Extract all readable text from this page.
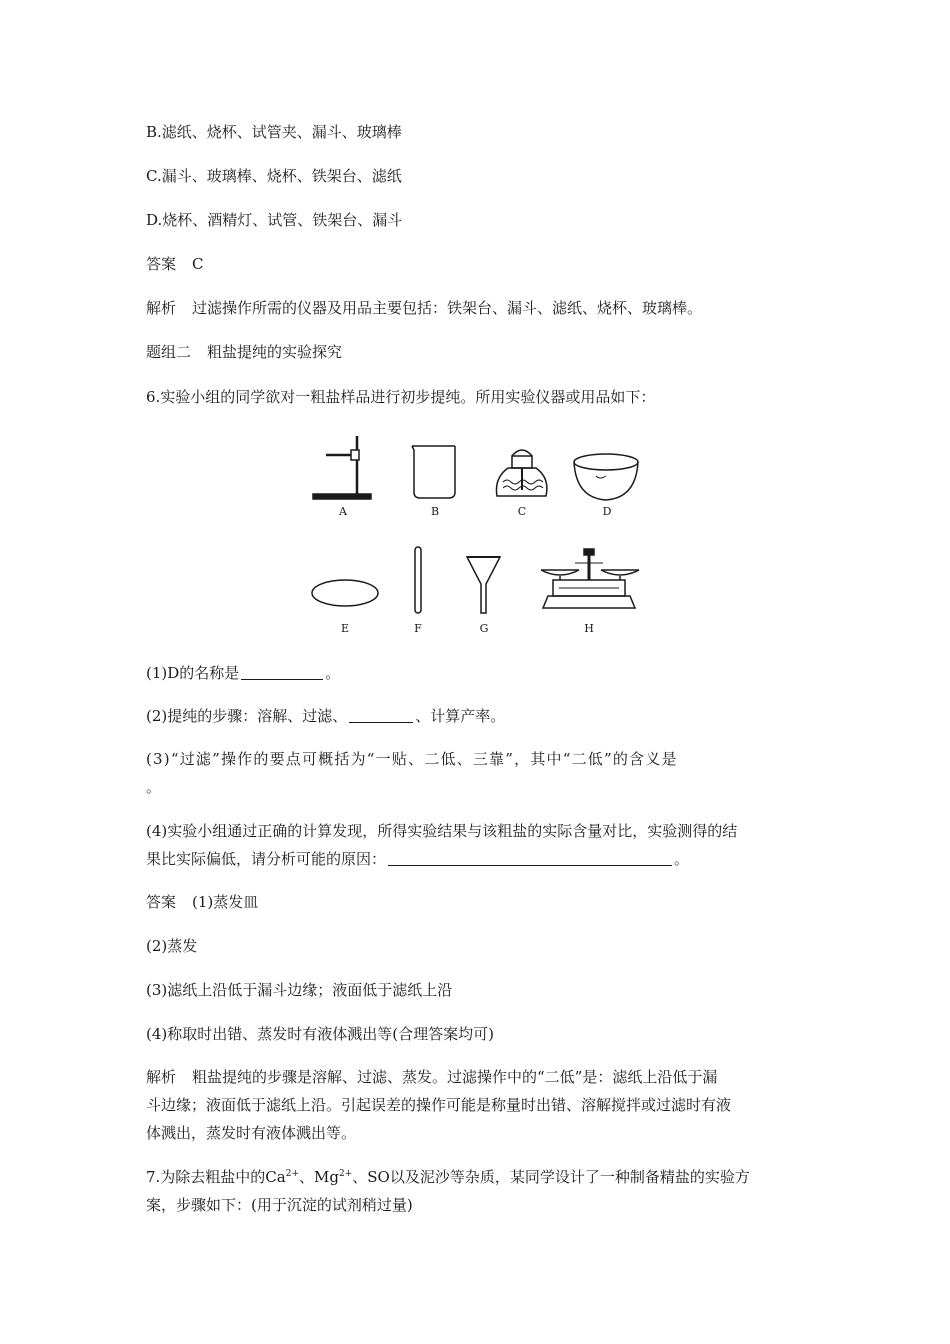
B.滤纸、烧杯、试管夹、漏斗、玻璃棒
C.漏斗、玻璃棒、烧杯、铁架台、滤纸
D.烧杯、酒精灯、试管、铁架台、漏斗
答案 C
解析 过滤操作所需的仪器及用品主要包括：铁架台、漏斗、滤纸、烧杯、玻璃棒。
题组二 粗盐提纯的实验探究
6.实验小组的同学欲对一粗盐样品进行初步提纯。所用实验仪器或用品如下：
A	B	C	D
E	F	G	H
(1)D的名称是	。
(2)提纯的步骤：溶解、过滤、	、计算产率。
(3)“过滤”操作的要点可概括为“一贴、二低、三靠”，其中“二低”的含义是
。
(4)实验小组通过正确的计算发现，所得实验结果与该粗盐的实际含量对比，实验测得的结
果比实际偏低，请分析可能的原因：	。
答案 (1)蒸发皿
(2)蒸发
(3)滤纸上沿低于漏斗边缘；液面低于滤纸上沿
(4)称取时出错、蒸发时有液体溅出等(合理答案均可)
解析 粗盐提纯的步骤是溶解、过滤、蒸发。过滤操作中的“二低”是：滤纸上沿低于漏
斗边缘；液面低于滤纸上沿。引起误差的操作可能是称量时出错、溶解搅拌或过滤时有液
体溅出，蒸发时有液体溅出等。
7.为除去粗盐中的$Ca^{2+}$、$Mg^{2+}$、SO以及泥沙等杂质，某同学设计了一种制备精盐的实验方
案，步骤如下：(用于沉淀的试剂稍过量)
